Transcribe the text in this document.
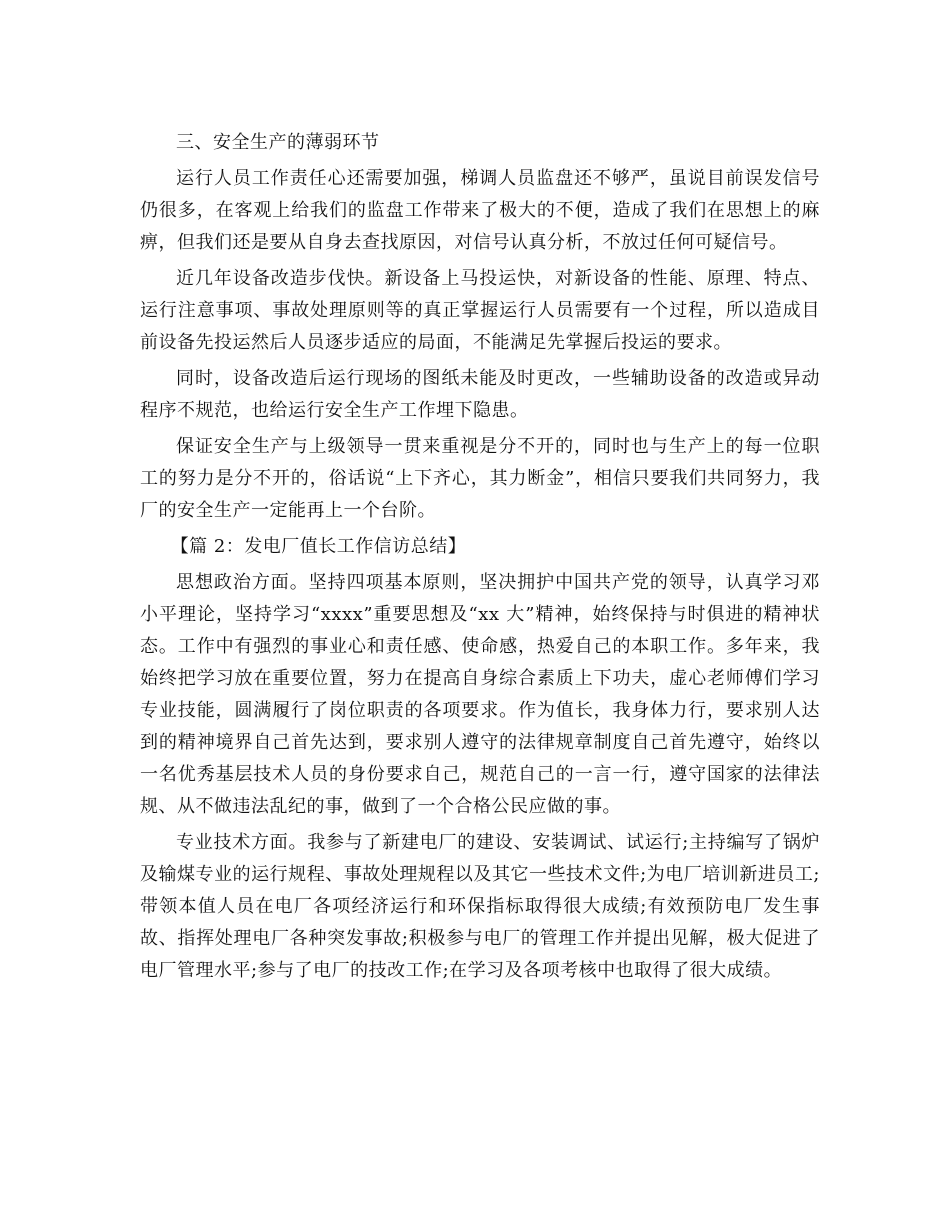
三、安全生产的薄弱环节

运行人员工作责任心还需要加强，梯调人员监盘还不够严，虽说目前误发信号仍很多，在客观上给我们的监盘工作带来了极大的不便，造成了我们在思想上的麻痹，但我们还是要从自身去查找原因，对信号认真分析，不放过任何可疑信号。

近几年设备改造步伐快。新设备上马投运快，对新设备的性能、原理、特点、运行注意事项、事故处理原则等的真正掌握运行人员需要有一个过程，所以造成目前设备先投运然后人员逐步适应的局面，不能满足先掌握后投运的要求。

同时，设备改造后运行现场的图纸未能及时更改，一些辅助设备的改造或异动程序不规范，也给运行安全生产工作埋下隐患。

保证安全生产与上级领导一贯来重视是分不开的，同时也与生产上的每一位职工的努力是分不开的，俗话说“上下齐心，其力断金”，相信只要我们共同努力，我厂的安全生产一定能再上一个台阶。

【篇 2：发电厂值长工作信访总结】

思想政治方面。坚持四项基本原则，坚决拥护中国共产党的领导，认真学习邓小平理论，坚持学习“xxxx”重要思想及“xx 大”精神，始终保持与时俱进的精神状态。工作中有强烈的事业心和责任感、使命感，热爱自己的本职工作。多年来，我始终把学习放在重要位置，努力在提高自身综合素质上下功夫，虚心老师傅们学习专业技能，圆满履行了岗位职责的各项要求。作为值长，我身体力行，要求别人达到的精神境界自己首先达到，要求别人遵守的法律规章制度自己首先遵守，始终以一名优秀基层技术人员的身份要求自己，规范自己的一言一行，遵守国家的法律法规、从不做违法乱纪的事，做到了一个合格公民应做的事。

专业技术方面。我参与了新建电厂的建设、安装调试、试运行;主持编写了锅炉及输煤专业的运行规程、事故处理规程以及其它一些技术文件;为电厂培训新进员工;带领本值人员在电厂各项经济运行和环保指标取得很大成绩;有效预防电厂发生事故、指挥处理电厂各种突发事故;积极参与电厂的管理工作并提出见解，极大促进了电厂管理水平;参与了电厂的技改工作;在学习及各项考核中也取得了很大成绩。
